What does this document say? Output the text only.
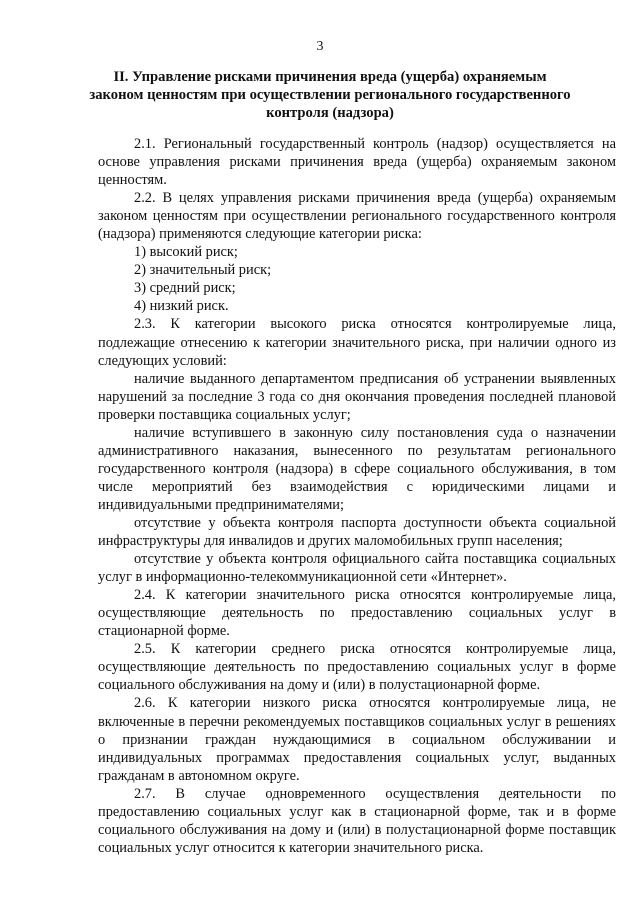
3
II. Управление рисками причинения вреда (ущерба) охраняемым
законом ценностям при осуществлении регионального государственного
контроля (надзора)

2.1. Региональный государственный контроль (надзор) осуществляется на основе управления рисками причинения вреда (ущерба) охраняемым законом ценностям.

2.2. В целях управления рисками причинения вреда (ущерба) охраняемым законом ценностям при осуществлении регионального государственного контроля (надзора) применяются следующие категории риска:

1) высокий риск;

2) значительный риск;

3) средний риск;

4) низкий риск.

2.3. К категории высокого риска относятся контролируемые лица, подлежащие отнесению к категории значительного риска, при наличии одного из следующих условий:

наличие выданного департаментом предписания об устранении выявленных нарушений за последние 3 года со дня окончания проведения последней плановой проверки поставщика социальных услуг;

наличие вступившего в законную силу постановления суда о назначении административного наказания, вынесенного по результатам регионального государственного контроля (надзора) в сфере социального обслуживания, в том числе мероприятий без взаимодействия с юридическими лицами и индивидуальными предпринимателями;

отсутствие у объекта контроля паспорта доступности объекта социальной инфраструктуры для инвалидов и других маломобильных групп населения;

отсутствие у объекта контроля официального сайта поставщика социальных услуг в информационно-телекоммуникационной сети «Интернет».

2.4. К категории значительного риска относятся контролируемые лица, осуществляющие деятельность по предоставлению социальных услуг в стационарной форме.

2.5. К категории среднего риска относятся контролируемые лица, осуществляющие деятельность по предоставлению социальных услуг в форме социального обслуживания на дому и (или) в полустационарной форме.

2.6. К категории низкого риска относятся контролируемые лица, не включенные в перечни рекомендуемых поставщиков социальных услуг в решениях о признании граждан нуждающимися в социальном обслуживании и индивидуальных программах предоставления социальных услуг, выданных гражданам в автономном округе.

2.7. В случае одновременного осуществления деятельности по предоставлению социальных услуг как в стационарной форме, так и в форме социального обслуживания на дому и (или) в полустационарной форме поставщик социальных услуг относится к категории значительного риска.
